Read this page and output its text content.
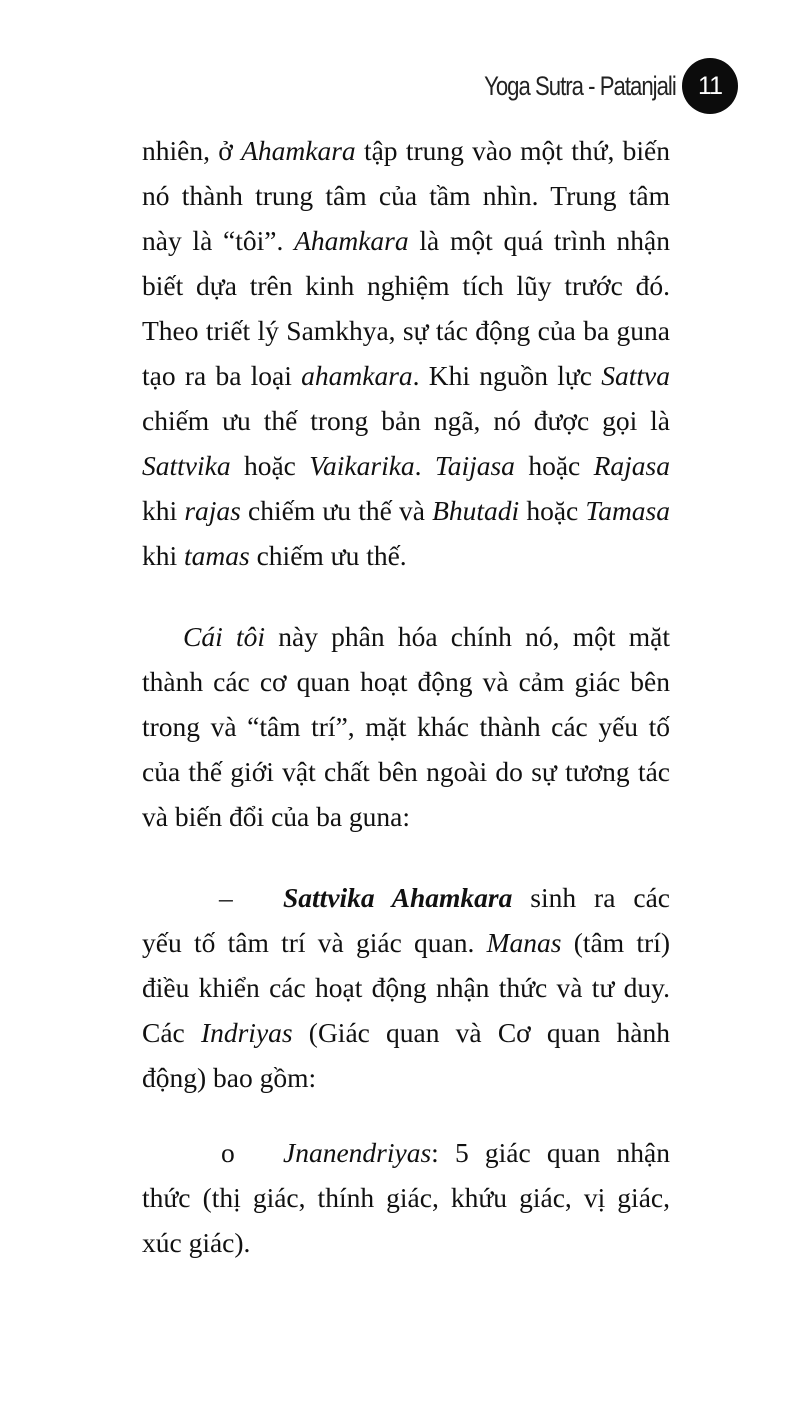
Yoga Sutra - Patanjali 11

nhiên, ở Ahamkara tập trung vào một thứ, biến nó thành trung tâm của tầm nhìn. Trung tâm này là “tôi”. Ahamkara là một quá trình nhận biết dựa trên kinh nghiệm tích lũy trước đó. Theo triết lý Samkhya, sự tác động của ba guna tạo ra ba loại ahamkara. Khi nguồn lực Sattva chiếm ưu thế trong bản ngã, nó được gọi là Sattvika hoặc Vaikarika. Taijasa hoặc Rajasa khi rajas chiếm ưu thế và Bhutadi hoặc Tamasa khi tamas chiếm ưu thế.

Cái tôi này phân hóa chính nó, một mặt thành các cơ quan hoạt động và cảm giác bên trong và “tâm trí”, mặt khác thành các yếu tố của thế giới vật chất bên ngoài do sự tương tác và biến đổi của ba guna:

– Sattvika Ahamkara sinh ra các yếu tố tâm trí và giác quan. Manas (tâm trí) điều khiển các hoạt động nhận thức và tư duy. Các Indriyas (Giác quan và Cơ quan hành động) bao gồm:

o Jnanendriyas: 5 giác quan nhận thức (thị giác, thính giác, khứu giác, vị giác, xúc giác).
